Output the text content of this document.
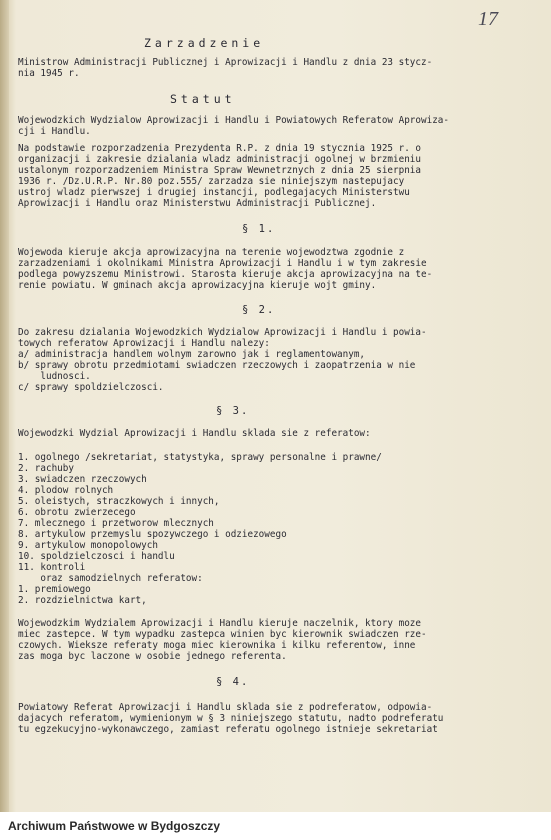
17
Zarzadzenie
Ministrow Administracji Publicznej i Aprowizacji i Handlu z dnia 23 stycz-
nia 1945 r.
Statut
Wojewodzkich Wydzialow Aprowizacji i Handlu i Powiatowych Referatow Aprowiza-
cji i Handlu.
Na podstawie rozporzadzenia Prezydenta R.P. z dnia 19 stycznia 1925 r. o
organizacji i zakresie dzialania wladz administracji ogolnej w brzmieniu
ustalonym rozporzadzeniem Ministra Spraw Wewnetrznych z dnia 25 sierpnia
1936 r. /Dz.U.R.P. Nr.80 poz.555/ zarzadza sie niniejszym nastepujacy
ustroj wladz pierwszej i drugiej instancji, podlegajacych Ministerstwu
Aprowizacji i Handlu oraz Ministerstwu Administracji Publicznej.
§ 1.
Wojewoda kieruje akcja aprowizacyjna na terenie wojewodztwa zgodnie z
zarzadzeniami i okolnikami Ministra Aprowizacji i Handlu i w tym zakresie
podlega powyzszemu Ministrowi. Starosta kieruje akcja aprowizacyjna na te-
renie powiatu. W gminach akcja aprowizacyjna kieruje wojt gminy.
§ 2.
Do zakresu dzialania Wojewodzkich Wydzialow Aprowizacji i Handlu i powia-
towych referatow Aprowizacji i Handlu nalezy:
a/ administracja handlem wolnym zarowno jak i reglamentowanym,
b/ sprawy obrotu przedmiotami swiadczen rzeczowych i zaopatrzenia w nie
ludnosci.
c/ sprawy spoldzielczosci.
§ 3.
Wojewodzki Wydzial Aprowizacji i Handlu sklada sie z referatow:
1. ogolnego /sekretariat, statystyka, sprawy personalne i prawne/
2. rachuby
3. swiadczen rzeczowych
4. plodow rolnych
5. oleistych, straczkowych i innych,
6. obrotu zwierzecego
7. mlecznego i przetworow mlecznych
8. artykulow przemyslu spozywczego i odziezowego
9. artykulow monopolowych
10. spoldzielczosci i handlu
11. kontroli
oraz samodzielnych referatow:
1. premiowego
2. rozdzielnictwa kart,
Wojewodzkim Wydzialem Aprowizacji i Handlu kieruje naczelnik, ktory moze
miec zastepce. W tym wypadku zastepca winien byc kierownik swiadczen rze-
czowych. Wieksze referaty moga miec kierownika i kilku referentow, inne
zas moga byc laczone w osobie jednego referenta.
§ 4.
Powiatowy Referat Aprowizacji i Handlu sklada sie z podreferatow, odpowia-
dajacych referatom, wymienionym w § 3 niniejszego statutu, nadto podreferatu
tu egzekucyjno-wykonawczego, zamiast referatu ogolnego istnieje sekretariat
Archiwum Państwowe w Bydgoszczy
